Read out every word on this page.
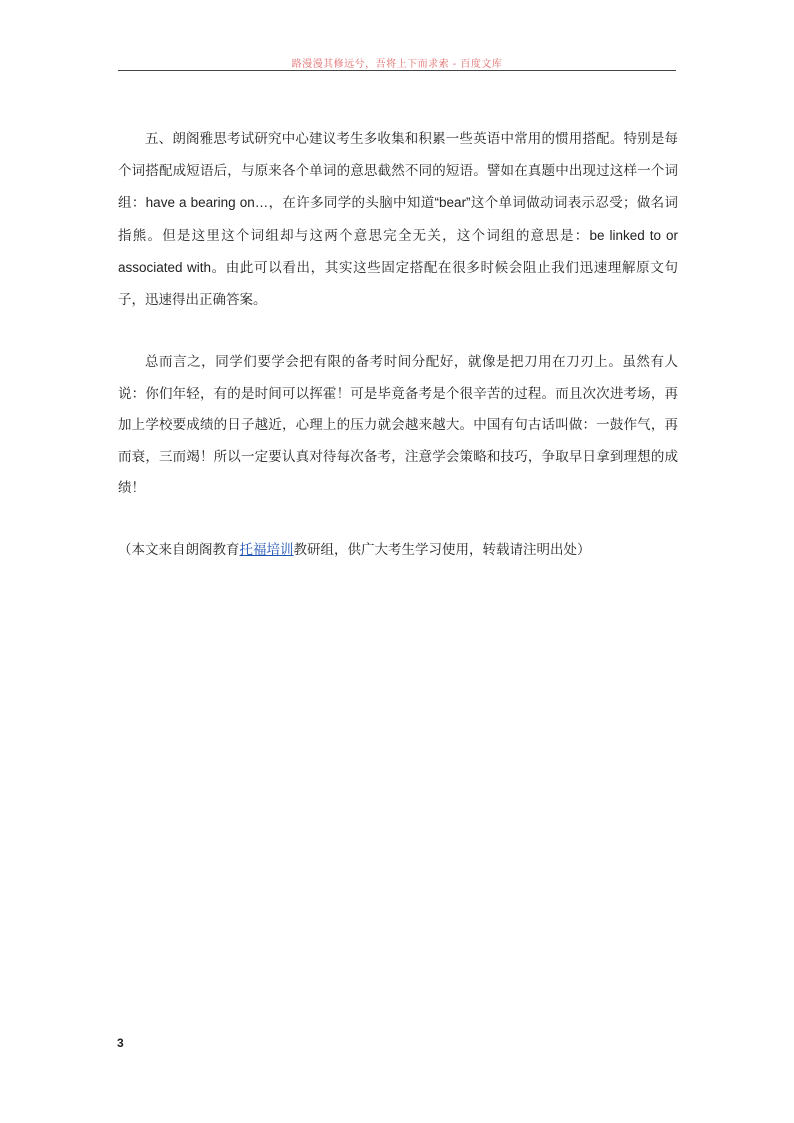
路漫漫其修远兮，吾将上下而求索 - 百度文库

五、朗阁雅思考试研究中心建议考生多收集和积累一些英语中常用的惯用搭配。特别是每个词搭配成短语后，与原来各个单词的意思截然不同的短语。譬如在真题中出现过这样一个词组：have a bearing on…，在许多同学的头脑中知道“bear”这个单词做动词表示忍受；做名词指熊。但是这里这个词组却与这两个意思完全无关，这个词组的意思是：be linked to or associated with。由此可以看出，其实这些固定搭配在很多时候会阻止我们迅速理解原文句子，迅速得出正确答案。

总而言之，同学们要学会把有限的备考时间分配好，就像是把刀用在刀刃上。虽然有人说：你们年轻，有的是时间可以挥霍！可是毕竟备考是个很辛苦的过程。而且次次进考场，再加上学校要成绩的日子越近，心理上的压力就会越来越大。中国有句古话叫做：一鼓作气，再而衰，三而竭！所以一定要认真对待每次备考，注意学会策略和技巧，争取早日拿到理想的成绩！

（本文来自朗阁教育托福培训教研组，供广大考生学习使用，转载请注明出处）
3
